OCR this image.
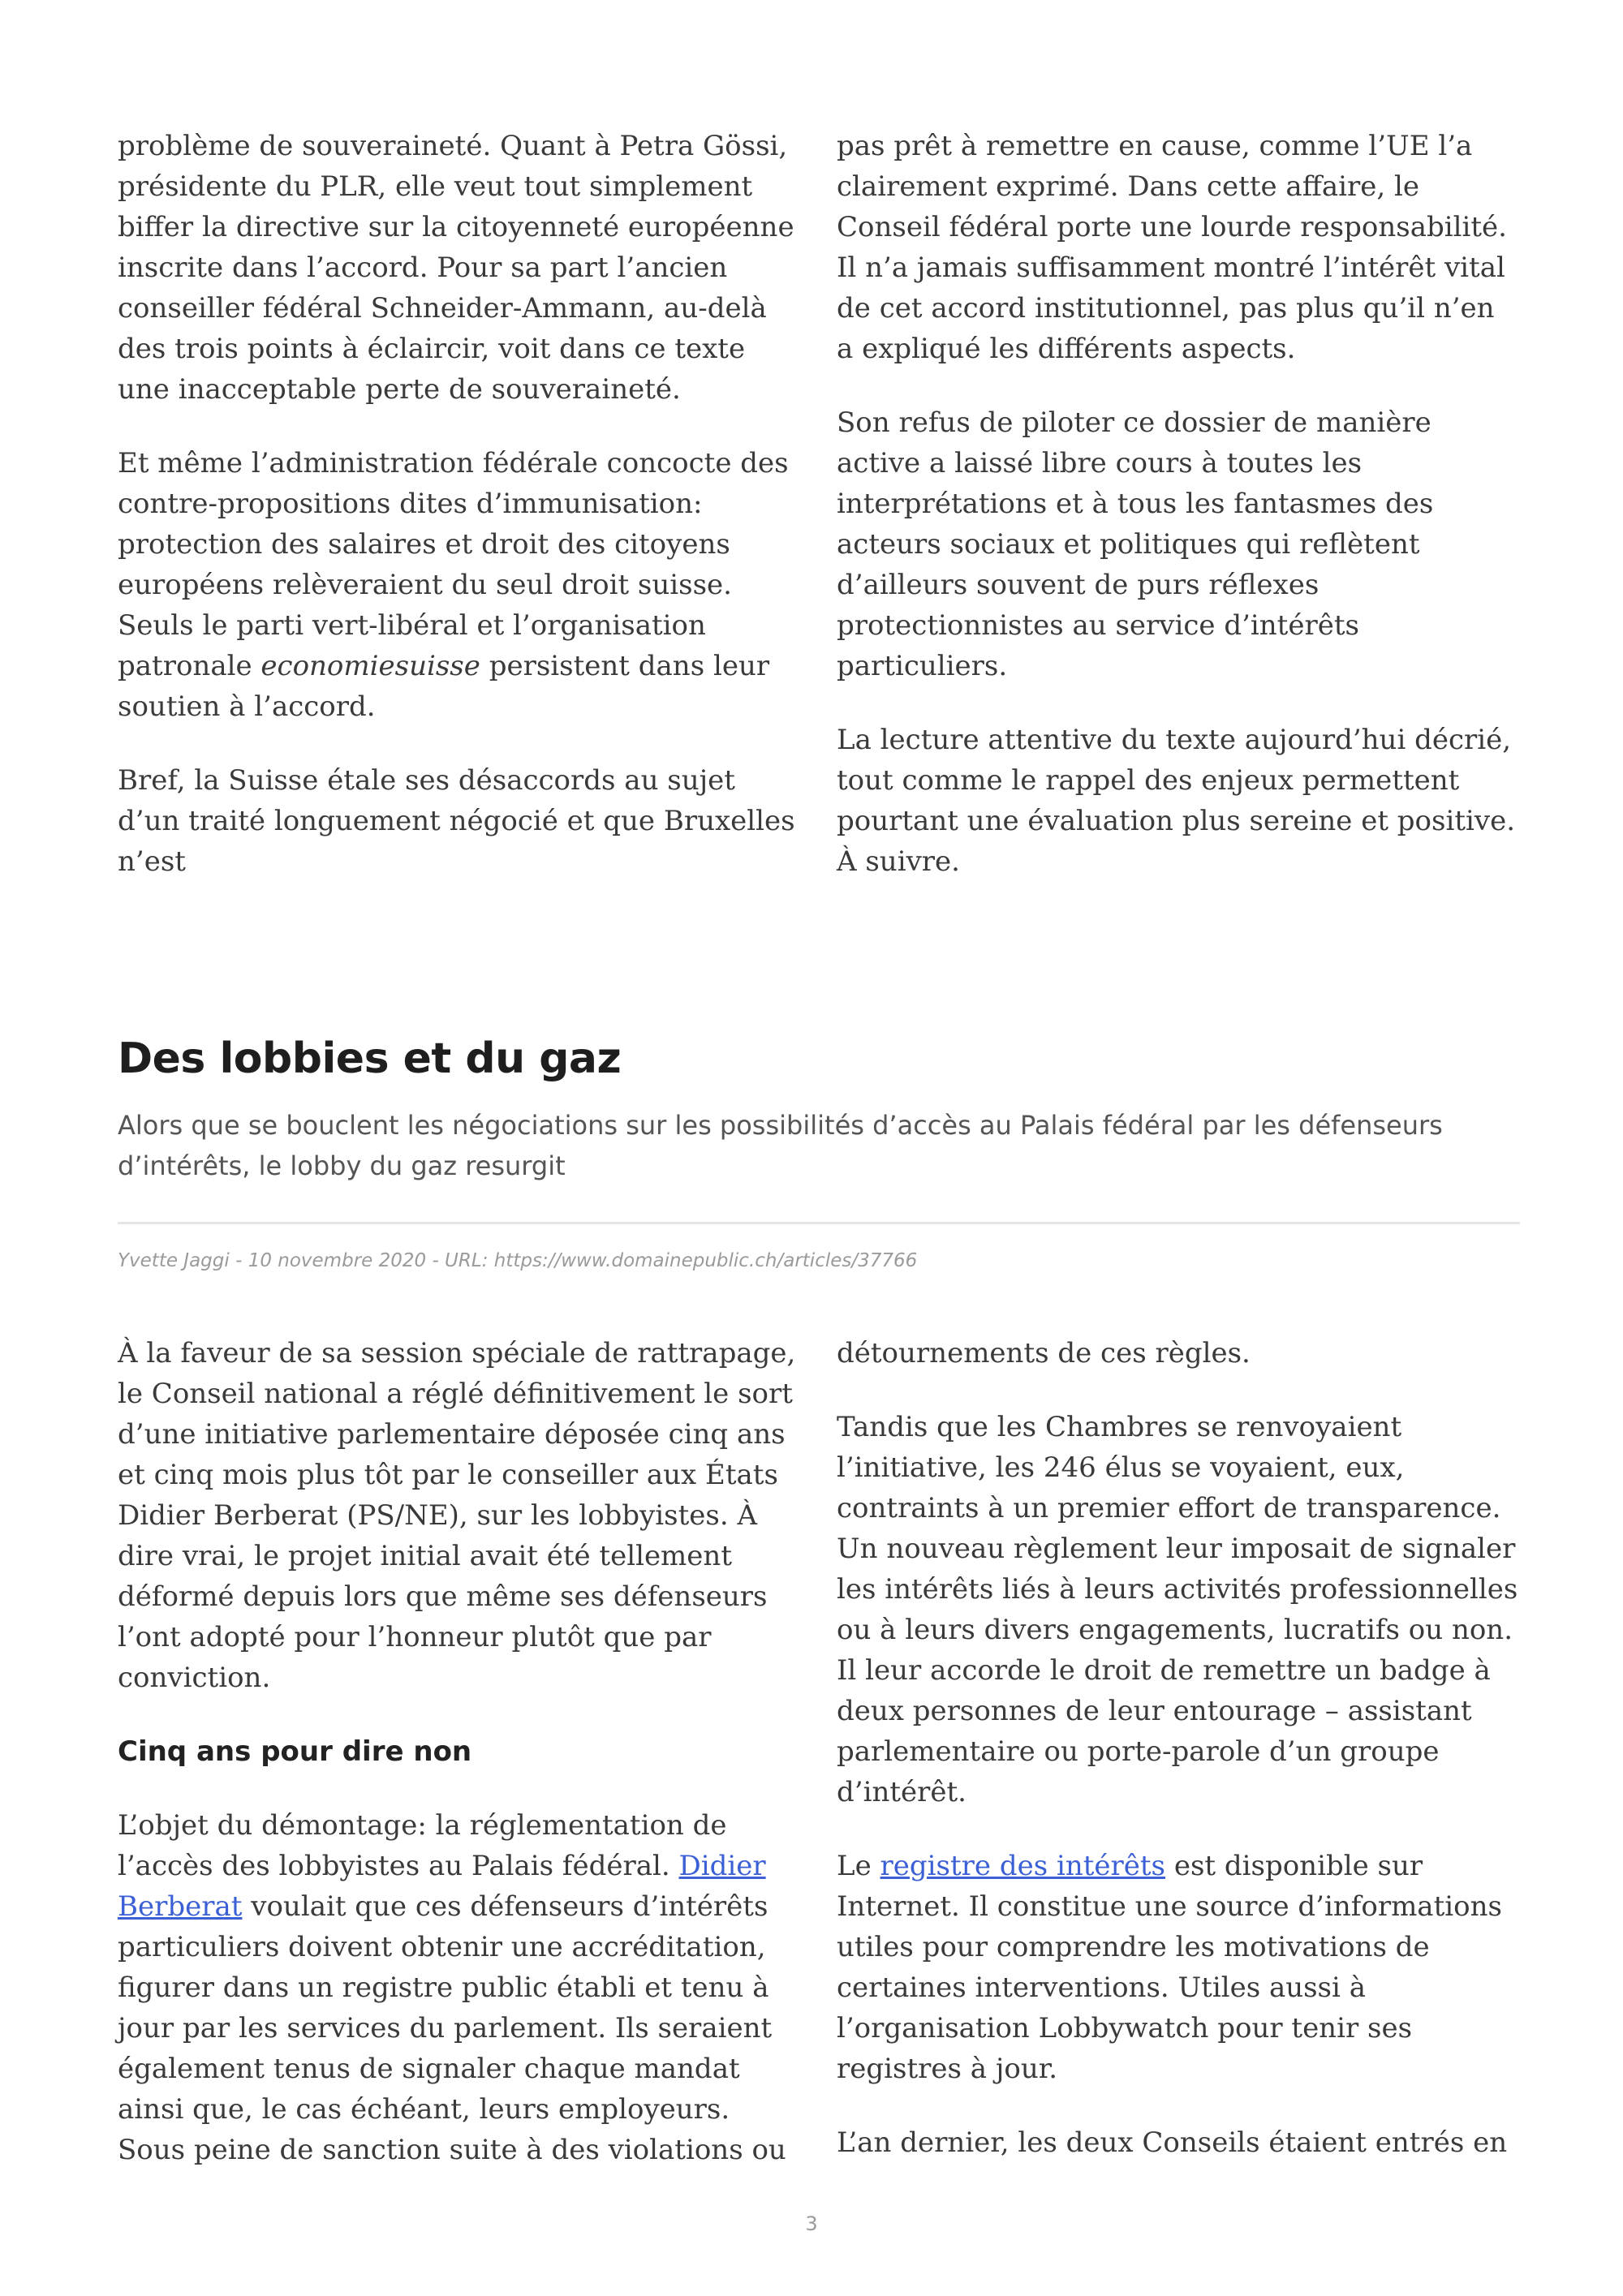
problème de souveraineté. Quant à Petra Gössi, présidente du PLR, elle veut tout simplement biffer la directive sur la citoyenneté européenne inscrite dans l’accord. Pour sa part l’ancien conseiller fédéral Schneider-Ammann, au-delà des trois points à éclaircir, voit dans ce texte une inacceptable perte de souveraineté.

Et même l’administration fédérale concocte des contre-propositions dites d’immunisation: protection des salaires et droit des citoyens européens relèveraient du seul droit suisse. Seuls le parti vert-libéral et l’organisation patronale economiesuisse persistent dans leur soutien à l’accord.

Bref, la Suisse étale ses désaccords au sujet d’un traité longuement négocié et que Bruxelles n’est

pas prêt à remettre en cause, comme l’UE l’a clairement exprimé. Dans cette affaire, le Conseil fédéral porte une lourde responsabilité. Il n’a jamais suffisamment montré l’intérêt vital de cet accord institutionnel, pas plus qu’il n’en a expliqué les différents aspects.

Son refus de piloter ce dossier de manière active a laissé libre cours à toutes les interprétations et à tous les fantasmes des acteurs sociaux et politiques qui reflètent d’ailleurs souvent de purs réflexes protectionnistes au service d’intérêts particuliers.

La lecture attentive du texte aujourd’hui décrié, tout comme le rappel des enjeux permettent pourtant une évaluation plus sereine et positive. À suivre.

Des lobbies et du gaz
Alors que se bouclent les négociations sur les possibilités d’accès au Palais fédéral par les défenseurs d’intérêts, le lobby du gaz resurgit
Yvette Jaggi - 10 novembre 2020 - URL: https://www.domainepublic.ch/articles/37766

À la faveur de sa session spéciale de rattrapage, le Conseil national a réglé définitivement le sort d’une initiative parlementaire déposée cinq ans et cinq mois plus tôt par le conseiller aux États Didier Berberat (PS/NE), sur les lobbyistes. À dire vrai, le projet initial avait été tellement déformé depuis lors que même ses défenseurs l’ont adopté pour l’honneur plutôt que par conviction.

Cinq ans pour dire non

L’objet du démontage: la réglementation de l’accès des lobbyistes au Palais fédéral. Didier Berberat voulait que ces défenseurs d’intérêts particuliers doivent obtenir une accréditation, figurer dans un registre public établi et tenu à jour par les services du parlement. Ils seraient également tenus de signaler chaque mandat ainsi que, le cas échéant, leurs employeurs. Sous peine de sanction suite à des violations ou

détournements de ces règles.

Tandis que les Chambres se renvoyaient l’initiative, les 246 élus se voyaient, eux, contraints à un premier effort de transparence. Un nouveau règlement leur imposait de signaler les intérêts liés à leurs activités professionnelles ou à leurs divers engagements, lucratifs ou non. Il leur accorde le droit de remettre un badge à deux personnes de leur entourage – assistant parlementaire ou porte-parole d’un groupe d’intérêt.

Le registre des intérêts est disponible sur Internet. Il constitue une source d’informations utiles pour comprendre les motivations de certaines interventions. Utiles aussi à l’organisation Lobbywatch pour tenir ses registres à jour.

L’an dernier, les deux Conseils étaient entrés en

3
